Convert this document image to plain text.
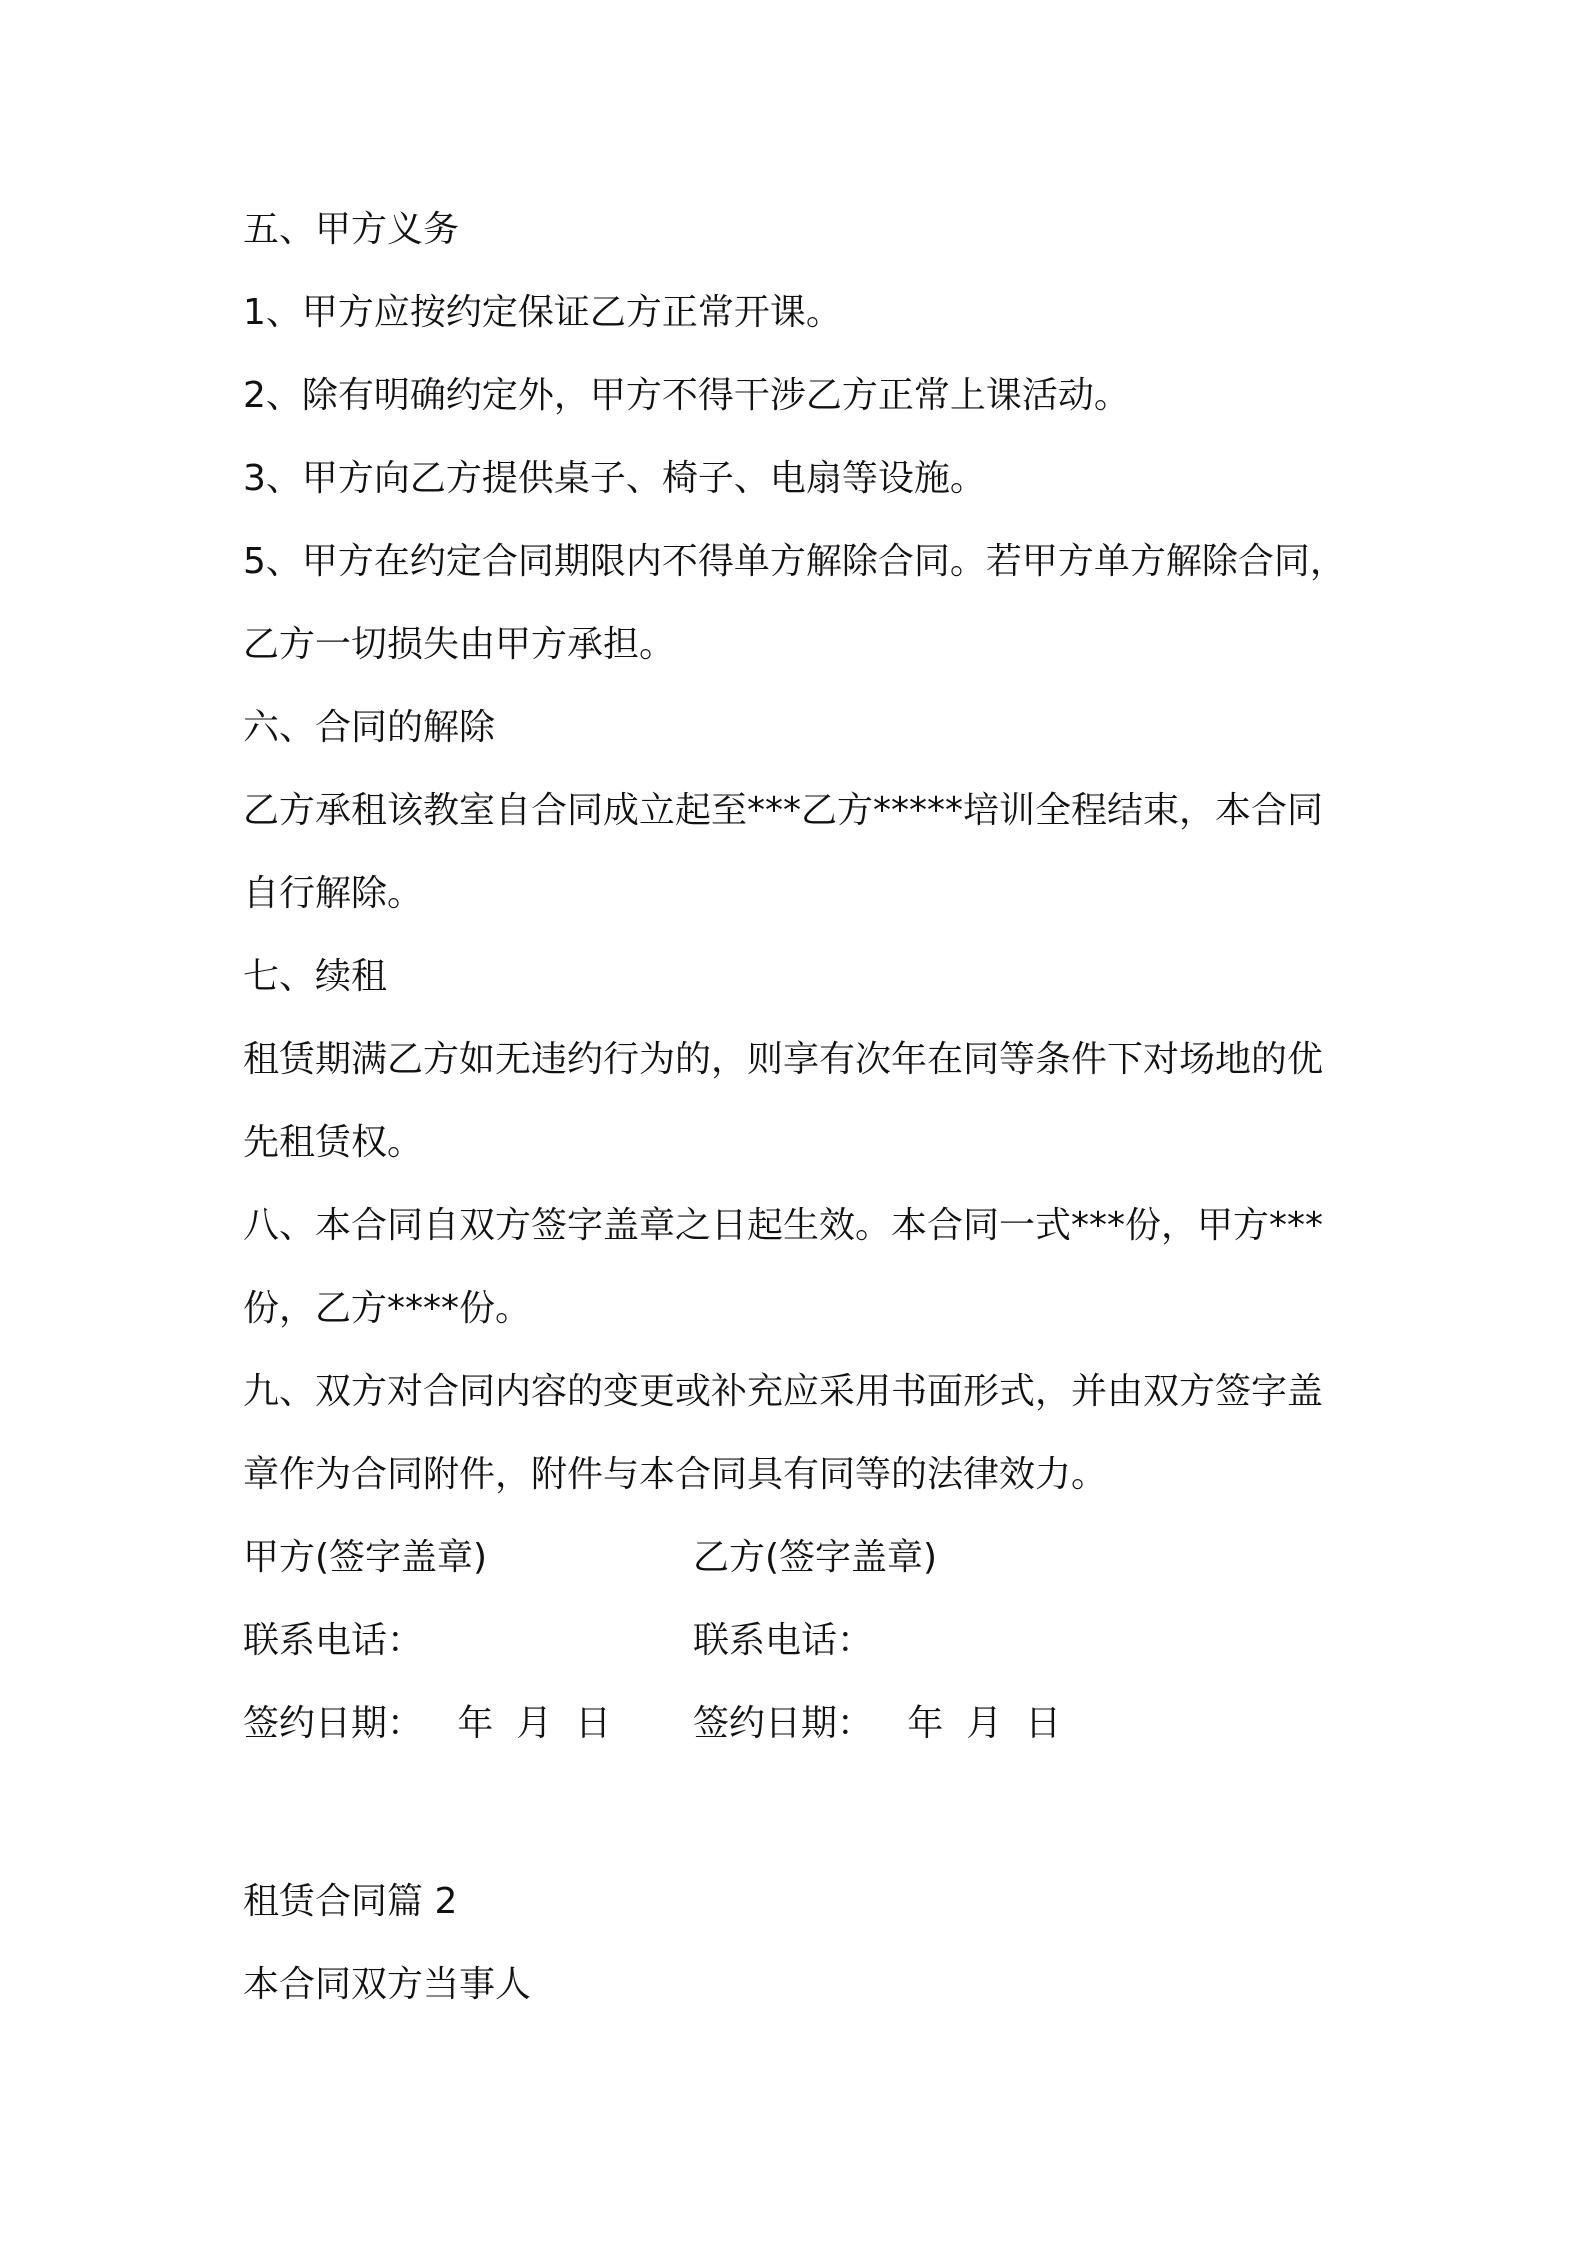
五、甲方义务
1、甲方应按约定保证乙方正常开课。
2、除有明确约定外，甲方不得干涉乙方正常上课活动。
3、甲方向乙方提供桌子、椅子、电扇等设施。
5、甲方在约定合同期限内不得单方解除合同。若甲方单方解除合同，
乙方一切损失由甲方承担。
六、合同的解除
乙方承租该教室自合同成立起至***乙方*****培训全程结束，本合同
自行解除。
七、续租
租赁期满乙方如无违约行为的，则享有次年在同等条件下对场地的优
先租赁权。
八、本合同自双方签字盖章之日起生效。本合同一式***份，甲方***
份，乙方****份。
九、双方对合同内容的变更或补充应采用书面形式，并由双方签字盖
章作为合同附件，附件与本合同具有同等的法律效力。
甲方(签字盖章)	乙方(签字盖章)
联系电话：	联系电话：
签约日期：   年  月  日 签约日期：   年  月  日
租赁合同篇 2
本合同双方当事人
